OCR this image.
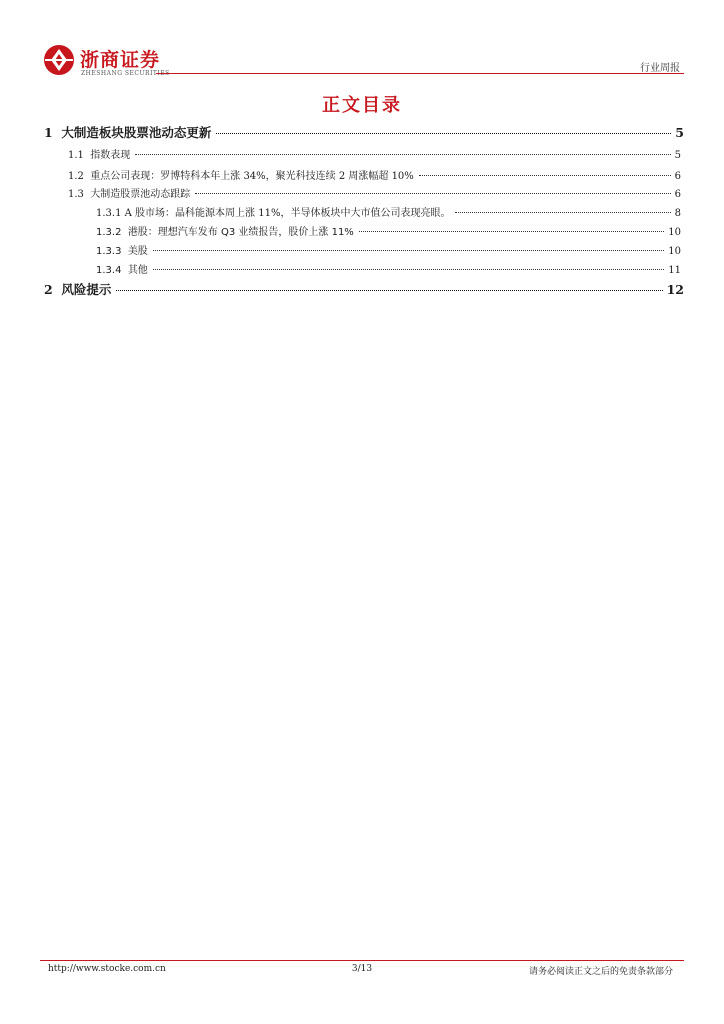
浙商证券
ZHESHANG SECURITIES	行业周报
正文目录
1 大制造板块股票池动态更新	5
1.1 指数表现	5
1.2 重点公司表现：罗博特科本年上涨 34%，聚光科技连续 2 周涨幅超 10%	6
1.3 大制造股票池动态跟踪	6
1.3.1 A 股市场：晶科能源本周上涨 11%，半导体板块中大市值公司表现亮眼。	8
1.3.2 港股：理想汽车发布 Q3 业绩报告，股价上涨 11%	10
1.3.3 美股	10
1.3.4 其他	11
2 风险提示	12
http://www.stocke.com.cn	3/13	请务必阅读正文之后的免责条款部分
